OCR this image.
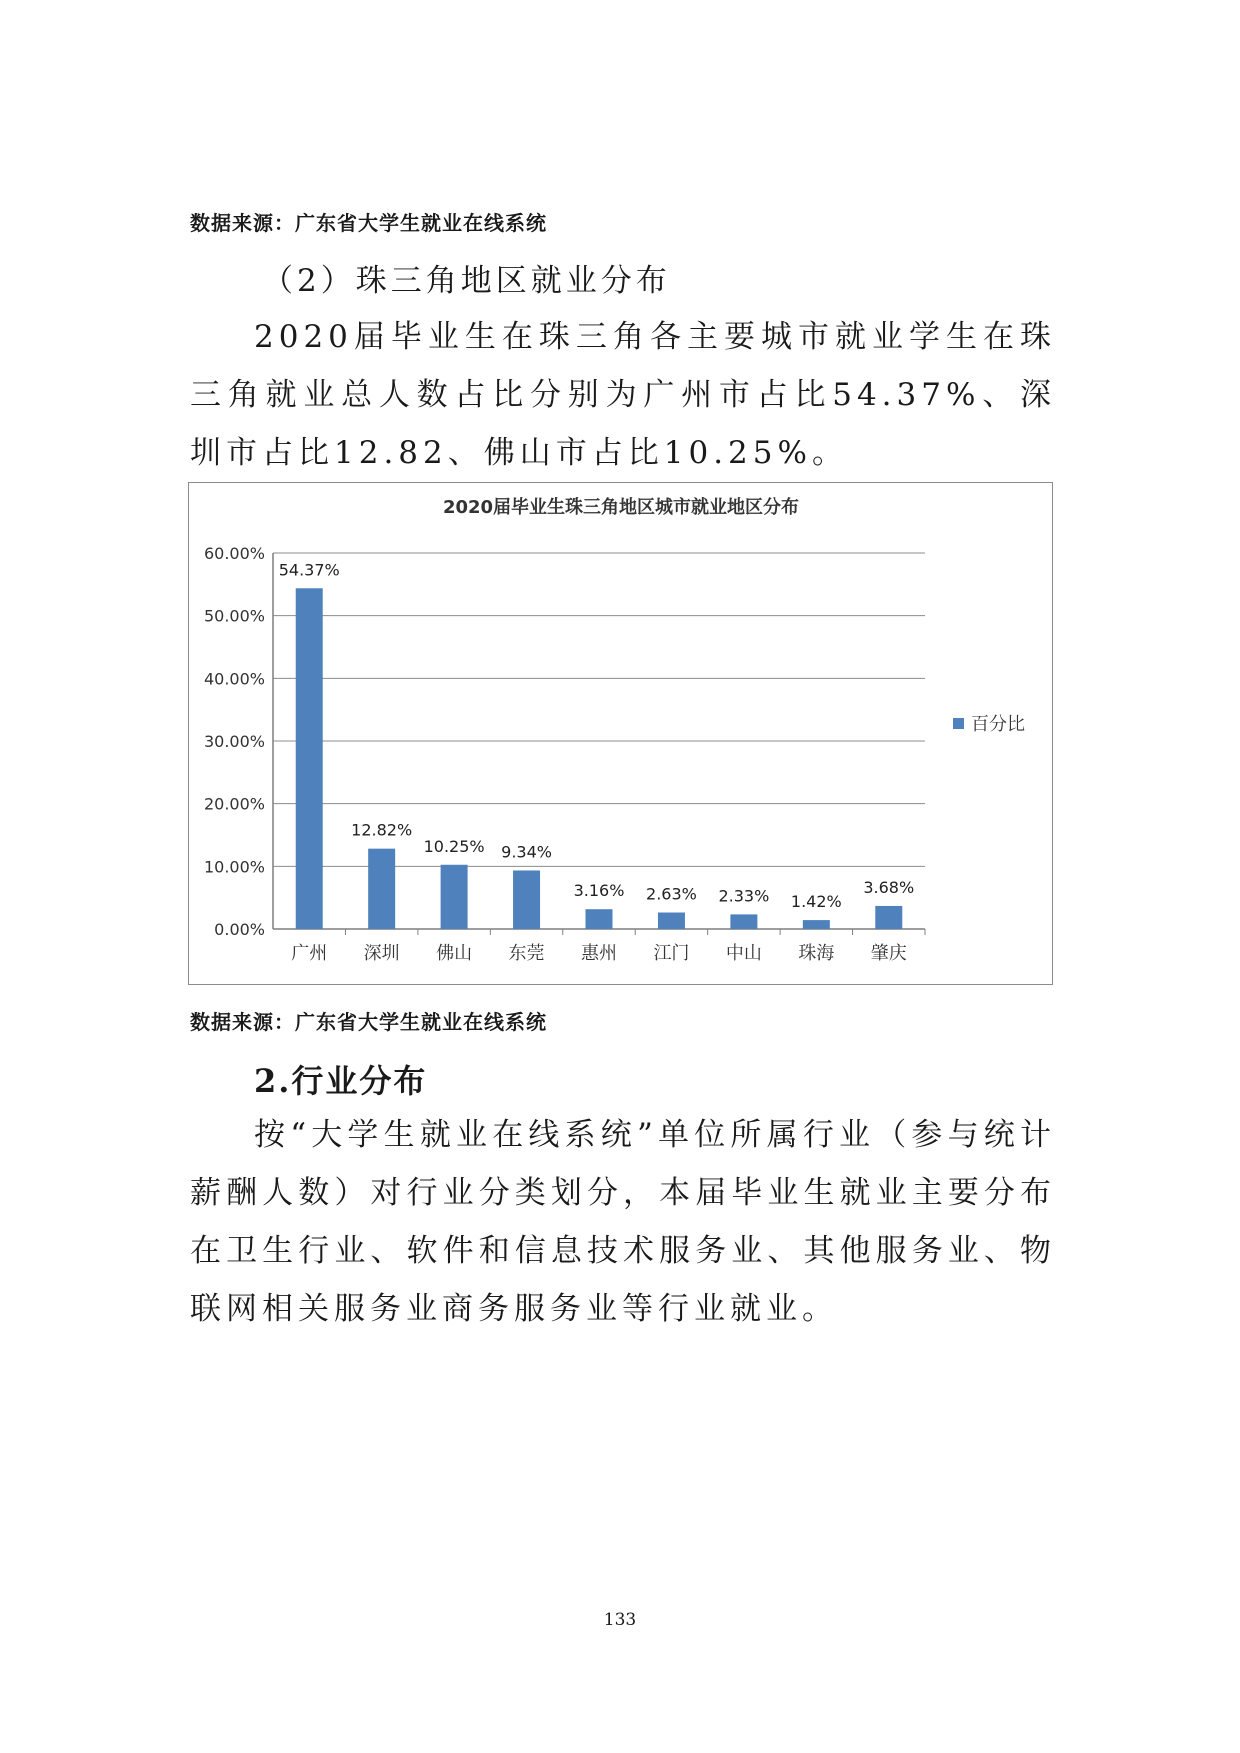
数据来源：广东省大学生就业在线系统
（2）珠三角地区就业分布

2020届毕业生在珠三角各主要城市就业学生在珠三角就业总人数占比分别为广州市占比54.37%、深圳市占比12.82、佛山市占比10.25%。

2020届毕业生珠三角地区城市就业地区分布
0.00%
10.00%
20.00%
30.00%
40.00%
50.00%
60.00%
54.37%
广州
12.82%
深圳
10.25%
佛山
9.34%
东莞
3.16%
惠州
2.63%
江门
2.33%
中山
1.42%
珠海
3.68%
肇庆
百分比
数据来源：广东省大学生就业在线系统
2.行业分布

按“大学生就业在线系统”单位所属行业（参与统计薪酬人数）对行业分类划分，本届毕业生就业主要分布在卫生行业、软件和信息技术服务业、其他服务业、物联网相关服务业商务服务业等行业就业。

133
